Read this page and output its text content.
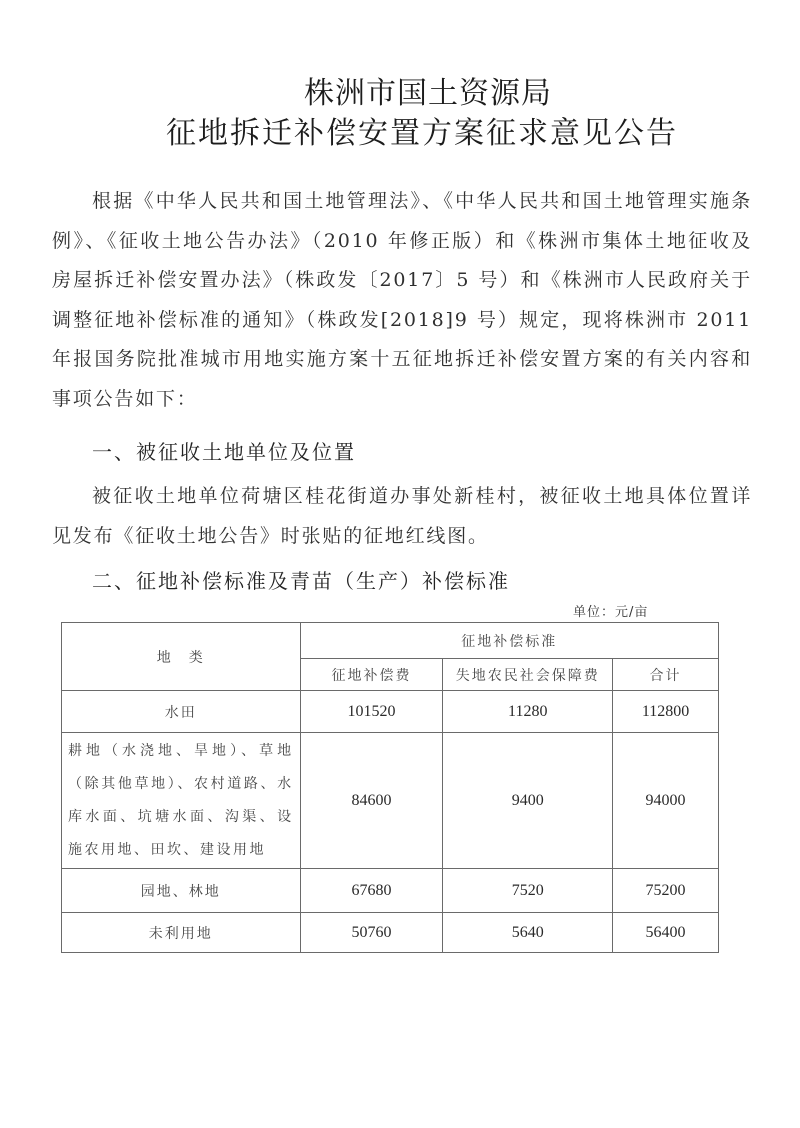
株洲市国土资源局
征地拆迁补偿安置方案征求意见公告
根据《中华人民共和国土地管理法》、《中华人民共和国土地管理实施条例》、《征收土地公告办法》（2010 年修正版）和《株洲市集体土地征收及房屋拆迁补偿安置办法》（株政发〔2017〕5 号）和《株洲市人民政府关于调整征地补偿标准的通知》（株政发[2018]9 号）规定，现将株洲市 2011 年报国务院批准城市用地实施方案十五征地拆迁补偿安置方案的有关内容和事项公告如下：
一、被征收土地单位及位置
被征收土地单位荷塘区桂花街道办事处新桂村，被征收土地具体位置详见发布《征收土地公告》时张贴的征地红线图。
二、征地补偿标准及青苗（生产）补偿标准
单位：元/亩
地　类	征地补偿标准		
	征地补偿费	失地农民社会保障费	合计
水田	101520	11280	112800
耕地（水浇地、旱地）、草地（除其他草地）、农村道路、水库水面、坑塘水面、沟渠、设施农用地、田坎、建设用地	84600	9400	94000
园地、林地	67680	7520	75200
未利用地	50760	5640	56400
